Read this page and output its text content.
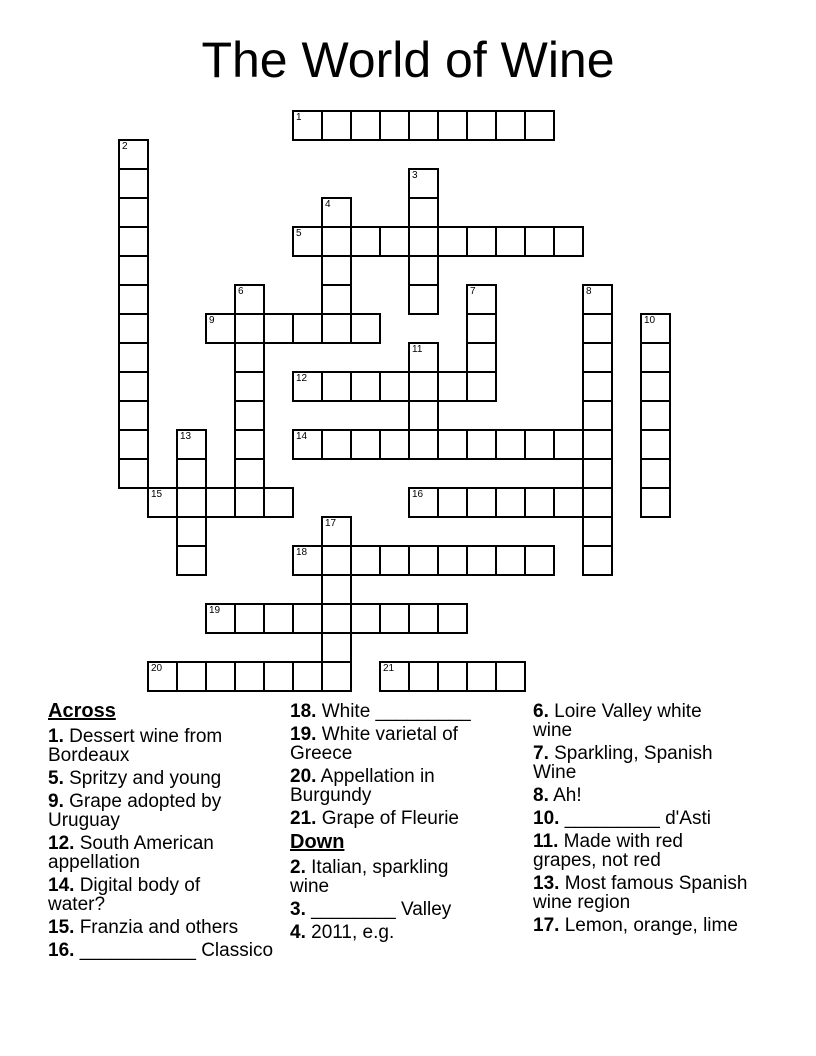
The World of Wine
1
2
3
4
5
6	7	8
9	10
11
12
13	14
15	16
17
18
19
20	21
Across
1. Dessert wine from
Bordeaux
5. Spritzy and young
9. Grape adopted by
Uruguay
12. South American
appellation
14. Digital body of
water?
15. Franzia and others
16. ___________ Classico
18. White _________
19. White varietal of
Greece
20. Appellation in
Burgundy
21. Grape of Fleurie
Down
2. Italian, sparkling
wine
3. ________ Valley
4. 2011, e.g.
6. Loire Valley white
wine
7. Sparkling, Spanish
Wine
8. Ah!
10. _________ d'Asti
11. Made with red
grapes, not red
13. Most famous Spanish
wine region
17. Lemon, orange, lime
